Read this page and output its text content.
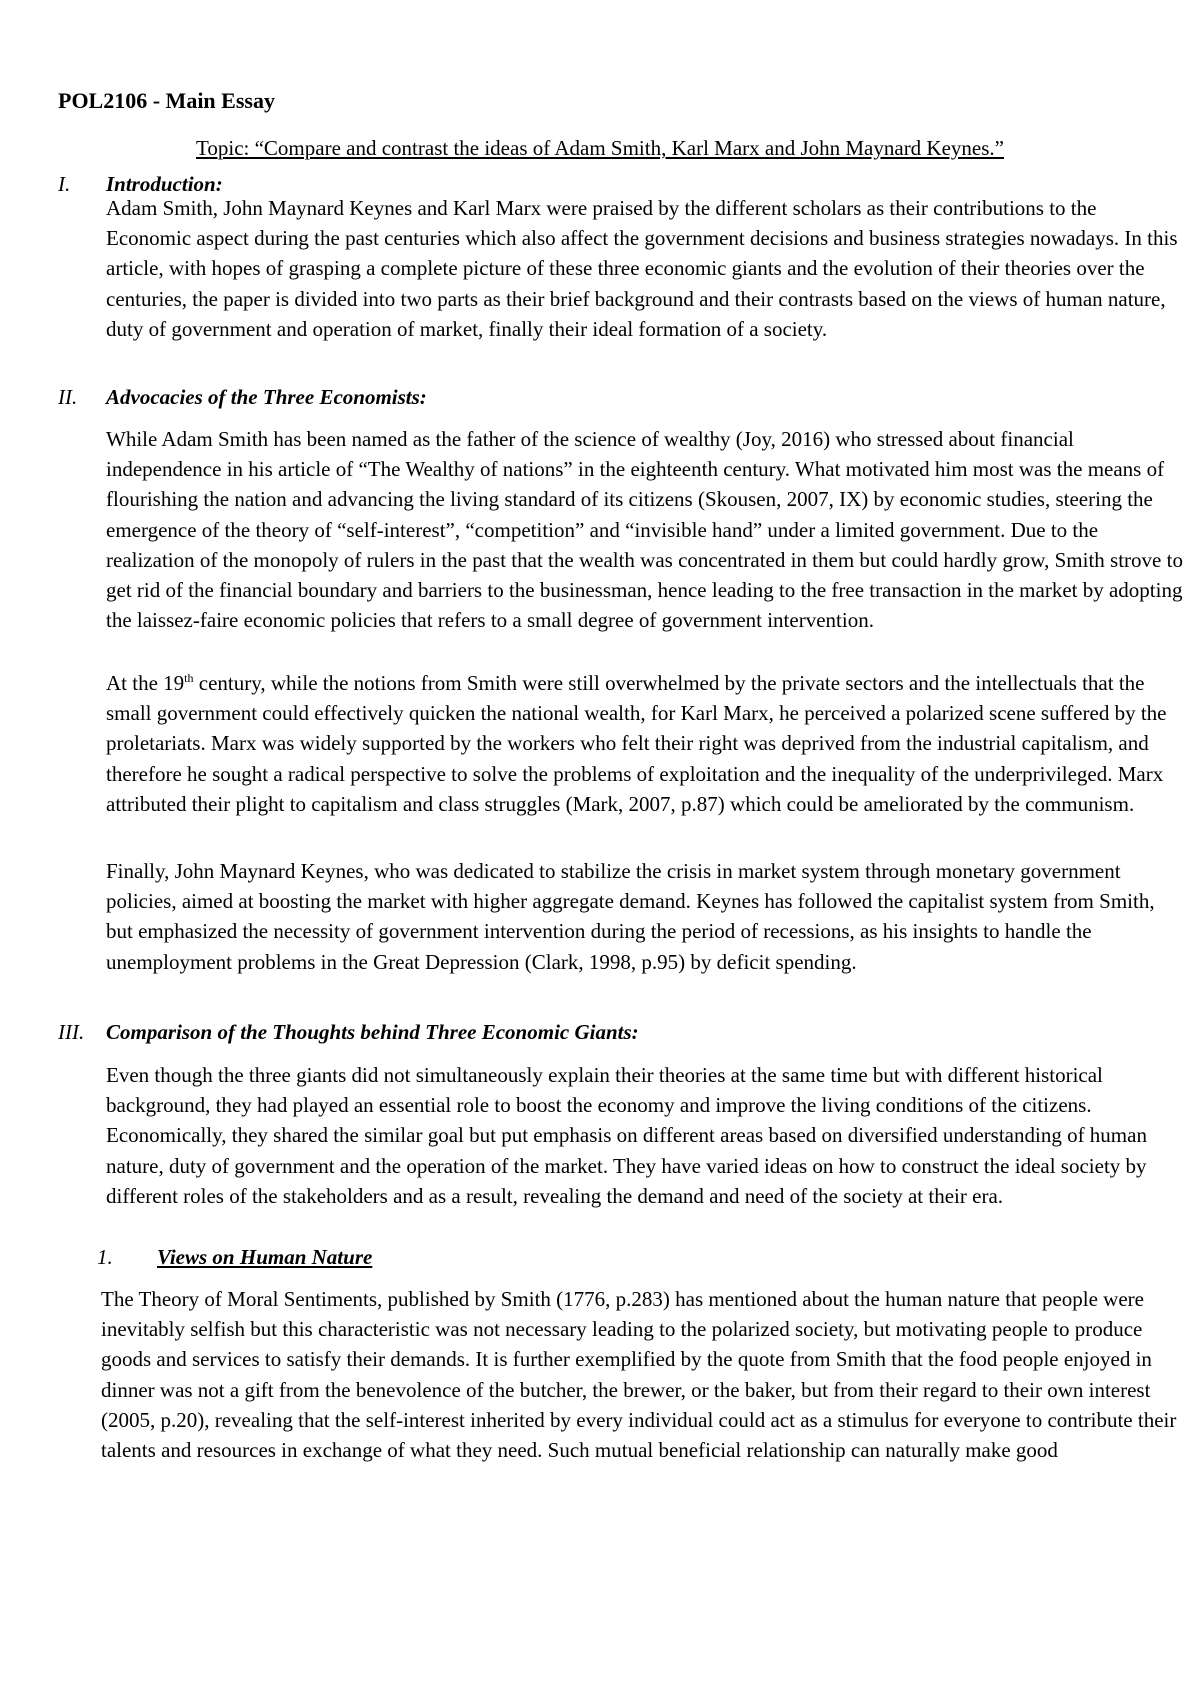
POL2106 - Main Essay
Topic: “Compare and contrast the ideas of Adam Smith, Karl Marx and John Maynard Keynes.”
I. Introduction:

Adam Smith, John Maynard Keynes and Karl Marx were praised by the different scholars as their contributions to the Economic aspect during the past centuries which also affect the government decisions and business strategies nowadays. In this article, with hopes of grasping a complete picture of these three economic giants and the evolution of their theories over the centuries, the paper is divided into two parts as their brief background and their contrasts based on the views of human nature, duty of government and operation of market, finally their ideal formation of a society.

II. Advocacies of the Three Economists:

While Adam Smith has been named as the father of the science of wealthy (Joy, 2016) who stressed about financial independence in his article of “The Wealthy of nations” in the eighteenth century. What motivated him most was the means of flourishing the nation and advancing the living standard of its citizens (Skousen, 2007, IX) by economic studies, steering the emergence of the theory of “self-interest”, “competition” and “invisible hand” under a limited government. Due to the realization of the monopoly of rulers in the past that the wealth was concentrated in them but could hardly grow, Smith strove to get rid of the financial boundary and barriers to the businessman, hence leading to the free transaction in the market by adopting the laissez-faire economic policies that refers to a small degree of government intervention.

At the 19th century, while the notions from Smith were still overwhelmed by the private sectors and the intellectuals that the small government could effectively quicken the national wealth, for Karl Marx, he perceived a polarized scene suffered by the proletariats. Marx was widely supported by the workers who felt their right was deprived from the industrial capitalism, and therefore he sought a radical perspective to solve the problems of exploitation and the inequality of the underprivileged. Marx attributed their plight to capitalism and class struggles (Mark, 2007, p.87) which could be ameliorated by the communism.

Finally, John Maynard Keynes, who was dedicated to stabilize the crisis in market system through monetary government policies, aimed at boosting the market with higher aggregate demand. Keynes has followed the capitalist system from Smith, but emphasized the necessity of government intervention during the period of recessions, as his insights to handle the unemployment problems in the Great Depression (Clark, 1998, p.95) by deficit spending.

III. Comparison of the Thoughts behind Three Economic Giants:

Even though the three giants did not simultaneously explain their theories at the same time but with different historical background, they had played an essential role to boost the economy and improve the living conditions of the citizens. Economically, they shared the similar goal but put emphasis on different areas based on diversified understanding of human nature, duty of government and the operation of the market. They have varied ideas on how to construct the ideal society by different roles of the stakeholders and as a result, revealing the demand and need of the society at their era.

1. Views on Human Nature

The Theory of Moral Sentiments, published by Smith (1776, p.283) has mentioned about the human nature that people were inevitably selfish but this characteristic was not necessary leading to the polarized society, but motivating people to produce goods and services to satisfy their demands. It is further exemplified by the quote from Smith that the food people enjoyed in dinner was not a gift from the benevolence of the butcher, the brewer, or the baker, but from their regard to their own interest (2005, p.20), revealing that the self-interest inherited by every individual could act as a stimulus for everyone to contribute their talents and resources in exchange of what they need. Such mutual beneficial relationship can naturally make good
